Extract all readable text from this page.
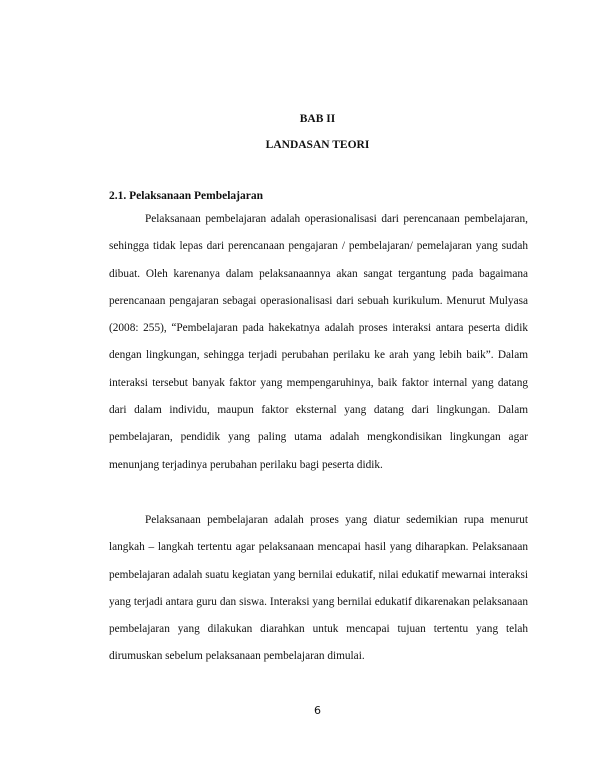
BAB II
LANDASAN TEORI
2.1. Pelaksanaan Pembelajaran

Pelaksanaan pembelajaran adalah operasionalisasi dari perencanaan pembelajaran, sehingga tidak lepas dari perencanaan pengajaran / pembelajaran/ pemelajaran yang sudah dibuat. Oleh karenanya dalam pelaksanaannya akan sangat tergantung pada bagaimana perencanaan pengajaran sebagai operasionalisasi dari sebuah kurikulum. Menurut Mulyasa (2008: 255), “Pembelajaran pada hakekatnya adalah proses interaksi antara peserta didik dengan lingkungan, sehingga terjadi perubahan perilaku ke arah yang lebih baik”. Dalam interaksi tersebut banyak faktor yang mempengaruhinya, baik faktor internal yang datang dari dalam individu, maupun faktor eksternal yang datang dari lingkungan. Dalam pembelajaran, pendidik yang paling utama adalah mengkondisikan lingkungan agar menunjang terjadinya perubahan perilaku bagi peserta didik.

Pelaksanaan pembelajaran adalah proses yang diatur sedemikian rupa menurut langkah – langkah tertentu agar pelaksanaan mencapai hasil yang diharapkan. Pelaksanaan pembelajaran adalah suatu kegiatan yang bernilai edukatif, nilai edukatif mewarnai interaksi yang terjadi antara guru dan siswa. Interaksi yang bernilai edukatif dikarenakan pelaksanaan pembelajaran yang dilakukan diarahkan untuk mencapai tujuan tertentu yang telah dirumuskan sebelum pelaksanaan pembelajaran dimulai.

6
